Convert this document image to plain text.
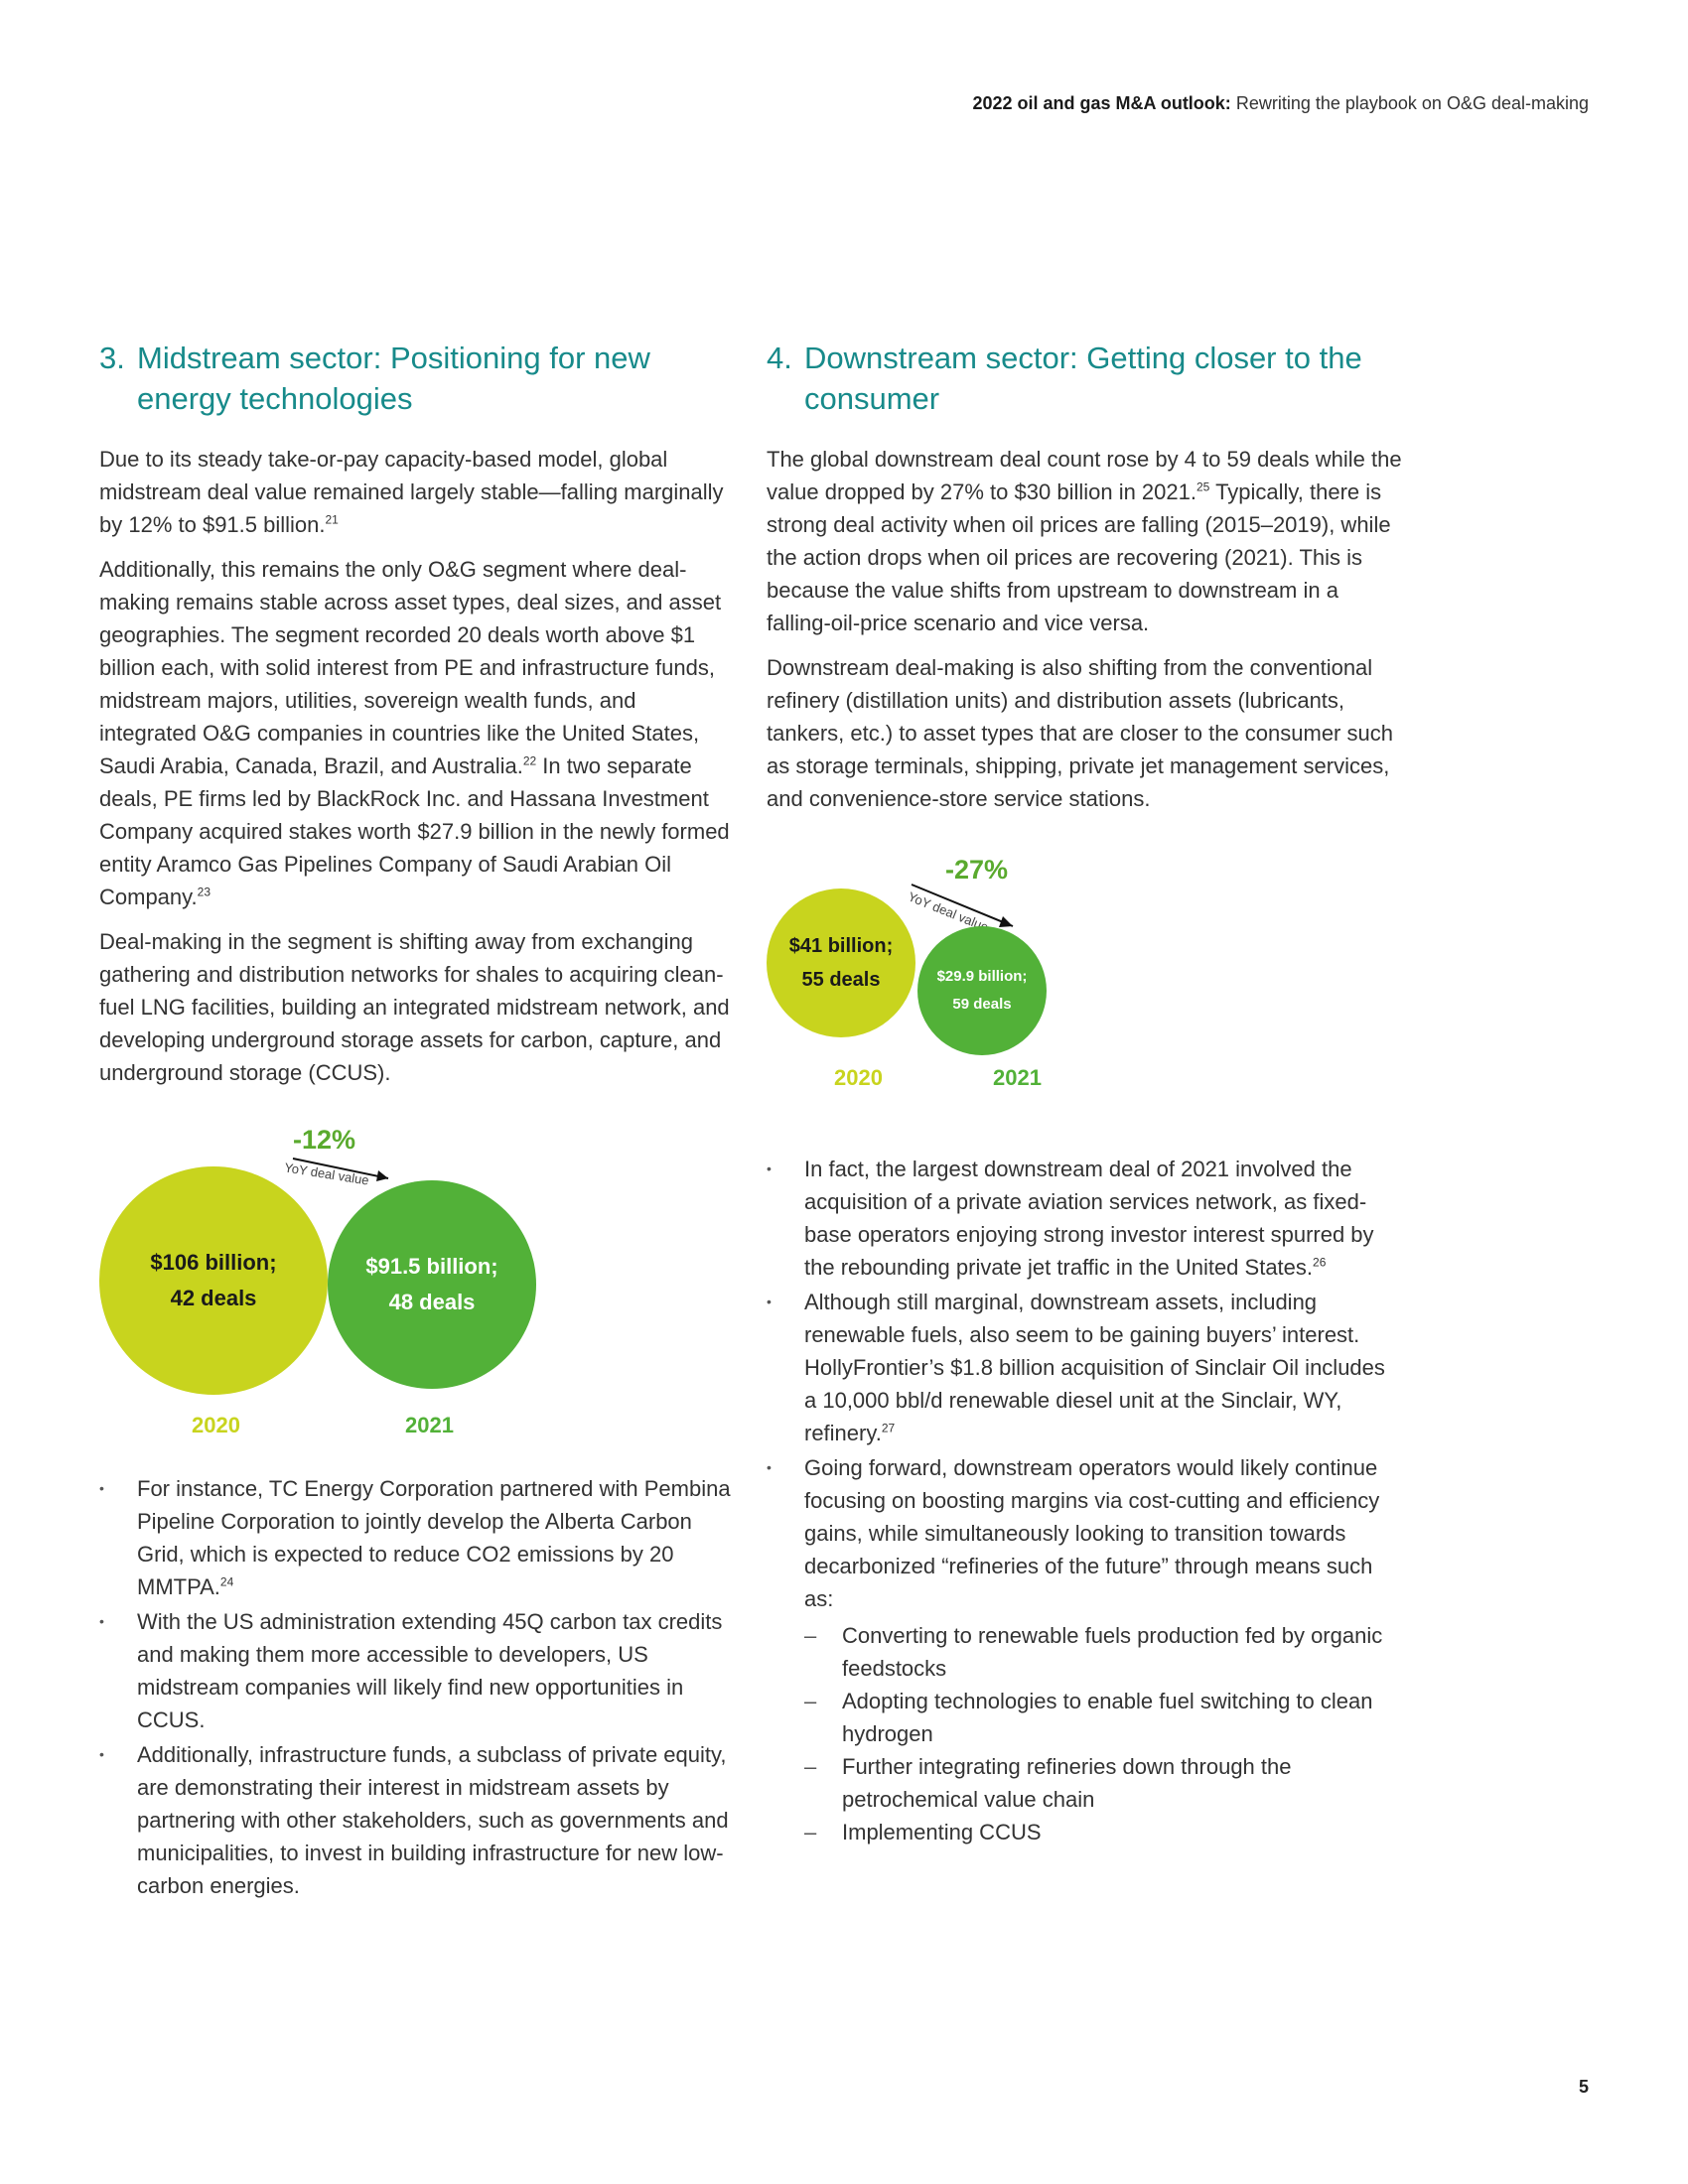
2022 oil and gas M&A outlook: Rewriting the playbook on O&G deal-making
3. Midstream sector: Positioning for new energy technologies

Due to its steady take-or-pay capacity-based model, global midstream deal value remained largely stable—falling marginally by 12% to $91.5 billion.$^{21}$

Additionally, this remains the only O&G segment where deal-making remains stable across asset types, deal sizes, and asset geographies. The segment recorded 20 deals worth above $1 billion each, with solid interest from PE and infrastructure funds, midstream majors, utilities, sovereign wealth funds, and integrated O&G companies in countries like the United States, Saudi Arabia, Canada, Brazil, and Australia.$^{22}$ In two separate deals, PE firms led by BlackRock Inc. and Hassana Investment Company acquired stakes worth $27.9 billion in the newly formed entity Aramco Gas Pipelines Company of Saudi Arabian Oil Company.$^{23}$

Deal-making in the segment is shifting away from exchanging gathering and distribution networks for shales to acquiring clean-fuel LNG facilities, building an integrated midstream network, and developing underground storage assets for carbon, capture, and underground storage (CCUS).

-12%
YoY deal value
$106 billion;
42 deals
$91.5 billion;
48 deals
2020	2021
• For instance, TC Energy Corporation partnered with Pembina Pipeline Corporation to jointly develop the Alberta Carbon Grid, which is expected to reduce CO2 emissions by 20 MMTPA.$^{24}$
• With the US administration extending 45Q carbon tax credits and making them more accessible to developers, US midstream companies will likely find new opportunities in CCUS.
• Additionally, infrastructure funds, a subclass of private equity, are demonstrating their interest in midstream assets by partnering with other stakeholders, such as governments and municipalities, to invest in building infrastructure for new low-carbon energies.
4. Downstream sector: Getting closer to the consumer

The global downstream deal count rose by 4 to 59 deals while the value dropped by 27% to $30 billion in 2021.25 Typically, there is strong deal activity when oil prices are falling (2015–2019), while the action drops when oil prices are recovering (2021). This is because the value shifts from upstream to downstream in a falling-oil-price scenario and vice versa.

Downstream deal-making is also shifting from the conventional refinery (distillation units) and distribution assets (lubricants, tankers, etc.) to asset types that are closer to the consumer such as storage terminals, shipping, private jet management services, and convenience-store service stations.

-27%
YoY deal value
$41 billion;
55 deals	$29.9 billion;
59 deals
2020	2021
• In fact, the largest downstream deal of 2021 involved the acquisition of a private aviation services network, as fixed-base operators enjoying strong investor interest spurred by the rebounding private jet traffic in the United States.$^{26}$
• Although still marginal, downstream assets, including renewable fuels, also seem to be gaining buyers’ interest. HollyFrontier’s $1.8 billion acquisition of Sinclair Oil includes a 10,000 bbl/d renewable diesel unit at the Sinclair, WY, refinery.$^{27}$
• Going forward, downstream operators would likely continue focusing on boosting margins via cost-cutting and efficiency gains, while simultaneously looking to transition towards decarbonized “refineries of the future” through means such as:
– Converting to renewable fuels production fed by organic feedstocks
– Adopting technologies to enable fuel switching to clean hydrogen
– Further integrating refineries down through the petrochemical value chain
– Implementing CCUS
5
